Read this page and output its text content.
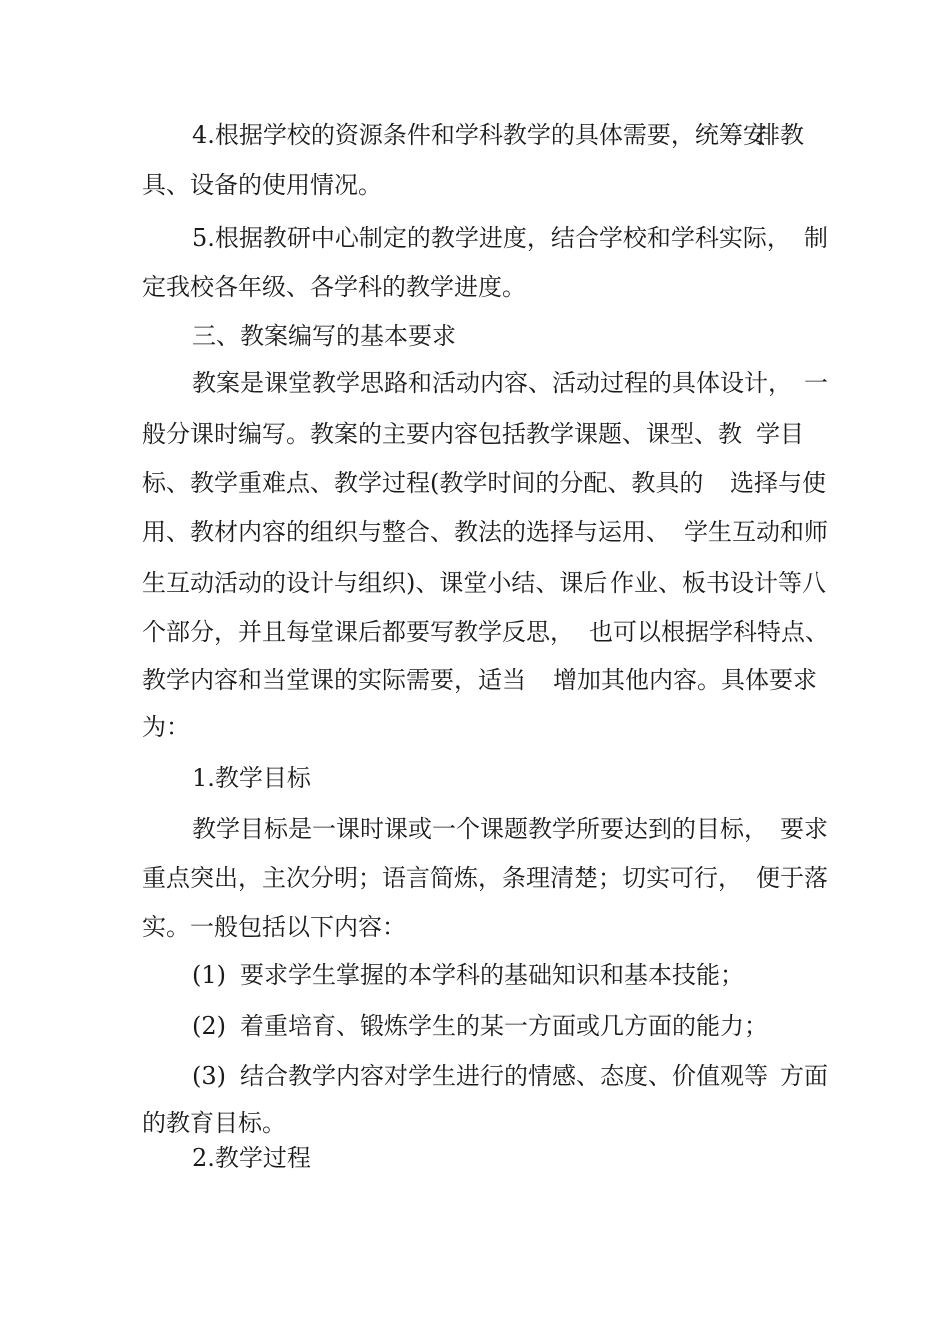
4.根据学校的资源条件和学科教学的具体需要，统筹安
排教
具、设备的使用情况。
5.根据教研中心制定的教学进度，结合学校和学科实际， 制
定我校各年级、各学科的教学进度。
三、教案编写的基本要求
教案是课堂教学思路和活动内容、活动过程的具体设计， 一
般分课时编写。教案的主要内容包括教学课题、课型、教 学目
标、教学重难点、教学过程(教学时间的分配、教具的 选择与使
用、教材内容的组织与整合、教法的选择与运用、 学生互动和师
生互动活动的设计与组织)、课堂小结、课后 作业、板书设计等八
个部分，并且每堂课后都要写教学反思， 也可以根据学科特点、
教学内容和当堂课的实际需要，适当 增加其他内容。具体要求
为：
1.教学目标
教学目标是一课时课或一个课题教学所要达到的目标， 要求
重点突出，主次分明；语言简炼，条理清楚；切实可行， 便于落
实。一般包括以下内容：
(1) 要求学生掌握的本学科的基础知识和基本技能；
(2) 着重培育、锻炼学生的某一方面或几方面的能力；
(3) 结合教学内容对学生进行的情感、态度、价值观等 方面
的教育目标。
2.教学过程
